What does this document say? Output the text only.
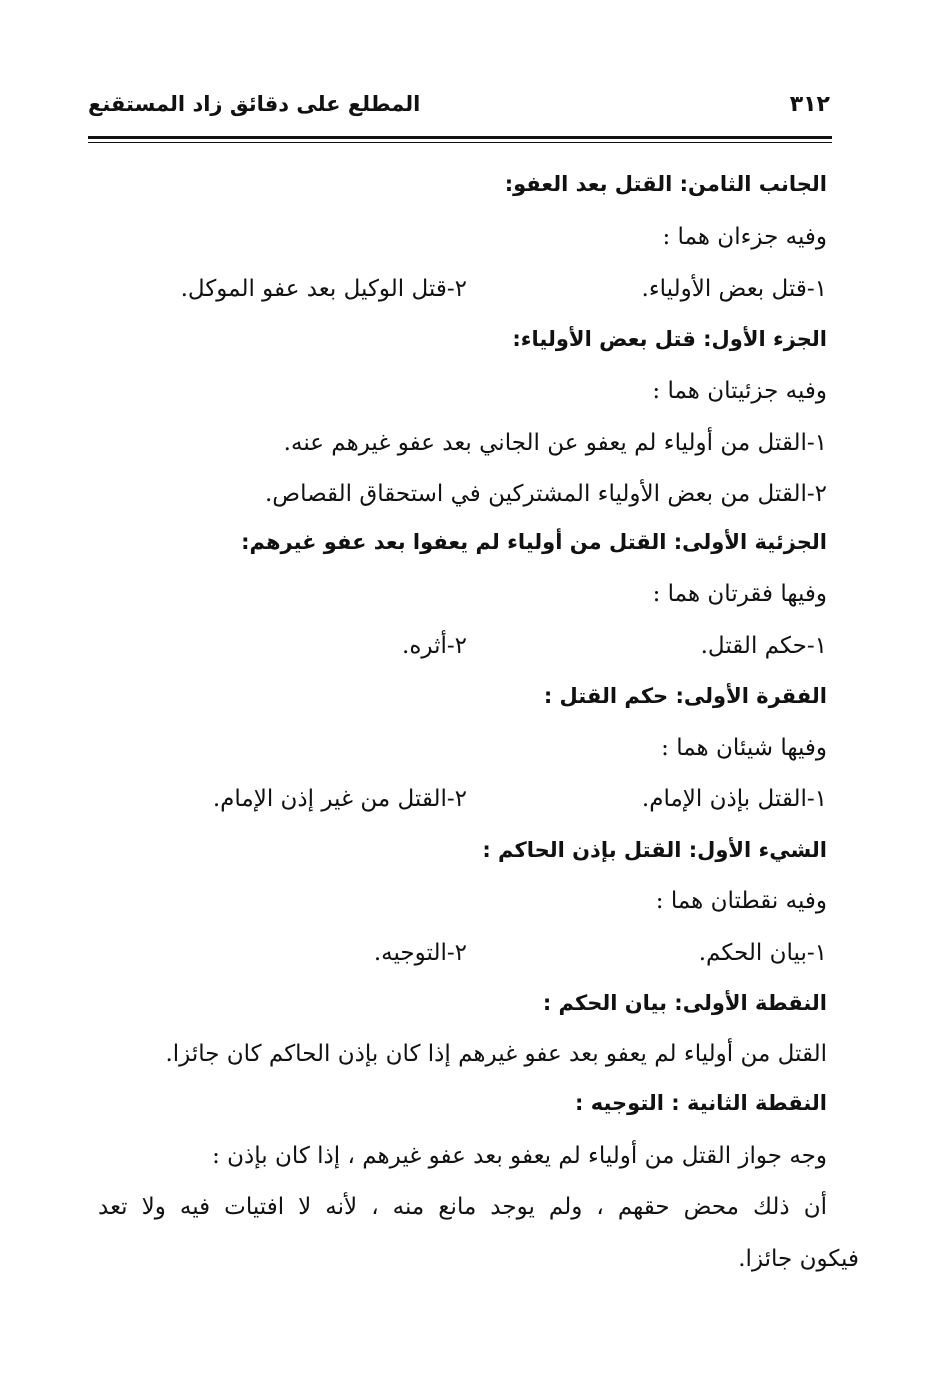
المطلع على دقائق زاد المستقنع	٣١٢
الجانب الثامن: القتل بعد العفو:
وفيه جزءان هما :
١-قتل بعض الأولياء.
٢-قتل الوكيل بعد عفو الموكل.
الجزء الأول: قتل بعض الأولياء:
وفيه جزئيتان هما :
١-القتل من أولياء لم يعفو عن الجاني بعد عفو غيرهم عنه.
٢-القتل من بعض الأولياء المشتركين في استحقاق القصاص.
الجزئية الأولى: القتل من أولياء لم يعفوا بعد عفو غيرهم:
وفيها فقرتان هما :
١-حكم القتل.
٢-أثره.
الفقرة الأولى: حكم القتل :
وفيها شيئان هما :
١-القتل بإذن الإمام.
٢-القتل من غير إذن الإمام.
الشيء الأول: القتل بإذن الحاكم :
وفيه نقطتان هما :
١-بيان الحكم.
٢-التوجيه.
النقطة الأولى: بيان الحكم :
القتل من أولياء لم يعفو بعد عفو غيرهم إذا كان بإذن الحاكم كان جائزا.
النقطة الثانية : التوجيه :
وجه جواز القتل من أولياء لم يعفو بعد عفو غيرهم ، إذا كان بإذن :
أن ذلك محض حقهم ، ولم يوجد مانع منه ، لأنه لا افتيات فيه ولا تعد
فيكون جائزا.
